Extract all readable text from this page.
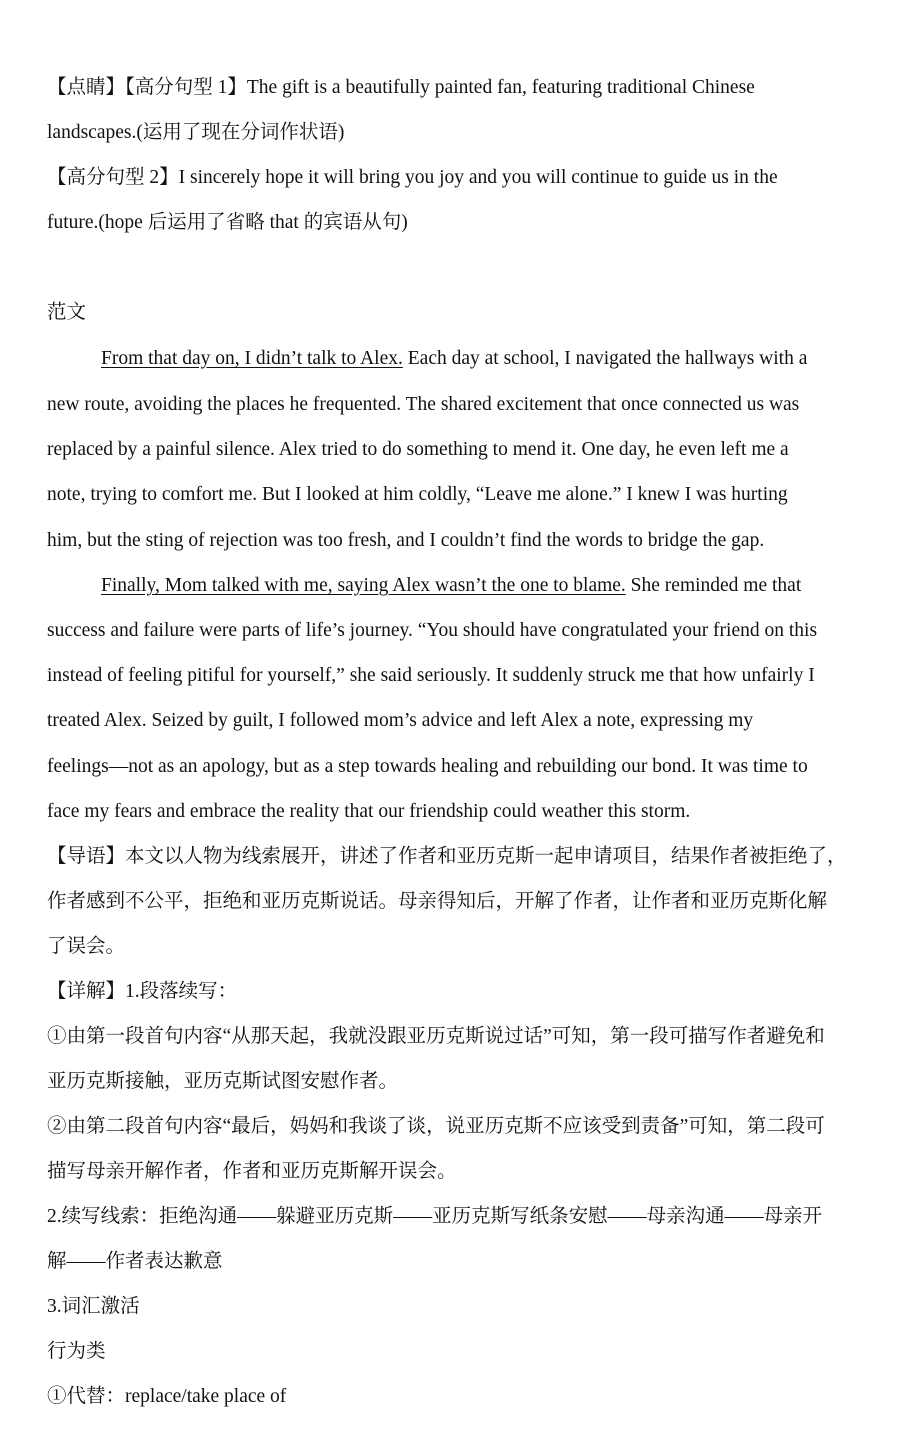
【点睛】【高分句型 1】The gift is a beautifully painted fan, featuring traditional Chinese
landscapes.(运用了现在分词作状语)
【高分句型 2】I sincerely hope it will bring you joy and you will continue to guide us in the
future.(hope 后运用了省略 that 的宾语从句)
范文
From that day on, I didn’t talk to Alex. Each day at school, I navigated the hallways with a
new route, avoiding the places he frequented. The shared excitement that once connected us was
replaced by a painful silence. Alex tried to do something to mend it. One day, he even left me a
note, trying to comfort me. But I looked at him coldly, “Leave me alone.” I knew I was hurting
him, but the sting of rejection was too fresh, and I couldn’t find the words to bridge the gap.
Finally, Mom talked with me, saying Alex wasn’t the one to blame. She reminded me that
success and failure were parts of life’s journey. “You should have congratulated your friend on this
instead of feeling pitiful for yourself,” she said seriously. It suddenly struck me that how unfairly I
treated Alex. Seized by guilt, I followed mom’s advice and left Alex a note, expressing my
feelings—not as an apology, but as a step towards healing and rebuilding our bond. It was time to
face my fears and embrace the reality that our friendship could weather this storm.
【导语】本文以人物为线索展开，讲述了作者和亚历克斯一起申请项目，结果作者被拒绝了，
作者感到不公平，拒绝和亚历克斯说话。母亲得知后，开解了作者，让作者和亚历克斯化解
了误会。
【详解】1.段落续写：
①由第一段首句内容“从那天起，我就没跟亚历克斯说过话”可知，第一段可描写作者避免和
亚历克斯接触，亚历克斯试图安慰作者。
②由第二段首句内容“最后，妈妈和我谈了谈，说亚历克斯不应该受到责备”可知，第二段可
描写母亲开解作者，作者和亚历克斯解开误会。
2.续写线索：拒绝沟通——躲避亚历克斯——亚历克斯写纸条安慰——母亲沟通——母亲开
解——作者表达歉意
3.词汇激活
行为类
①代替：replace/take place of
